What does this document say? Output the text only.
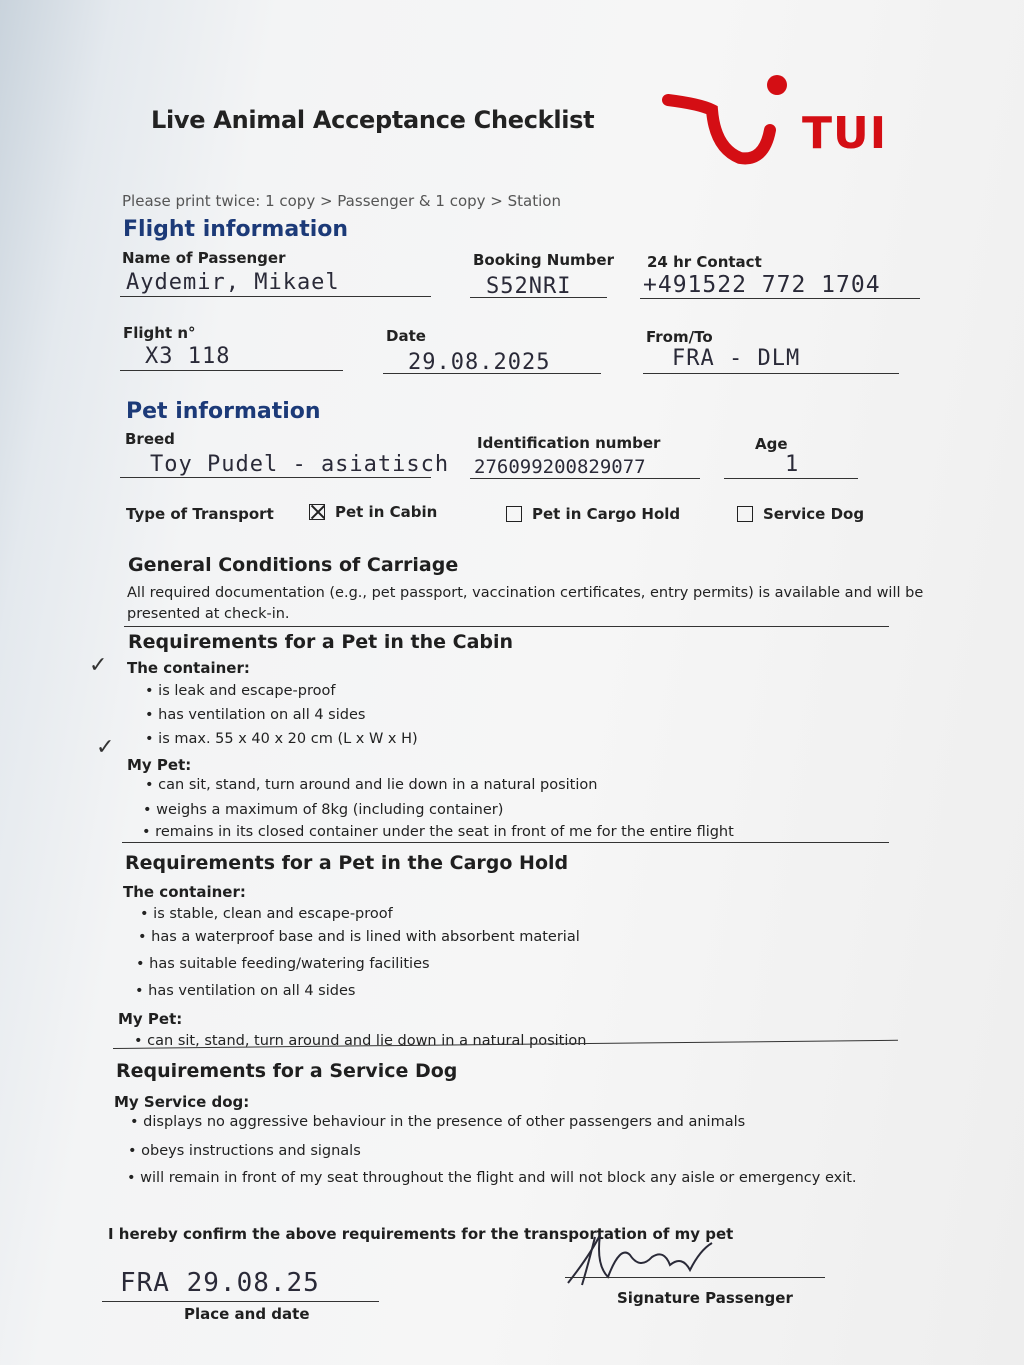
Live Animal Acceptance Checklist	TUI
Please print twice: 1 copy > Passenger & 1 copy > Station
Flight information
Name of Passenger
Aydemir, Mikael
Booking Number
S52NRI
24 hr Contact
+491522 772 1704
Flight n°
X3 118
Date
29.08.2025
From/To
FRA - DLM
Pet information
Breed
Toy Pudel - asiatisch
Identification number
276099200829077
Age
1
Type of Transport	Pet in Cabin	Pet in Cargo Hold	Service Dog
General Conditions of Carriage
All required documentation (e.g., pet passport, vaccination certificates, entry permits) is available and will be
presented at check-in.
Requirements for a Pet in the Cabin
✓ The container:
• is leak and escape-proof
• has ventilation on all 4 sides
✓
•	is max. 55 x 40 x 20 cm (L x W x H)
My Pet:
• can sit, stand, turn around and lie down in a natural position
• weighs a maximum of 8kg (including container)
• remains in its closed container under the seat in front of me for the entire flight
Requirements for a Pet in the Cargo Hold
The container:
• is stable, clean and escape-proof
• has a waterproof base and is lined with absorbent material
• has suitable feeding/watering facilities
• has ventilation on all 4 sides
My Pet:
• can sit, stand, turn around and lie down in a natural position
Requirements for a Service Dog
My Service dog:
• displays no aggressive behaviour in the presence of other passengers and animals
• obeys instructions and signals
• will remain in front of my seat throughout the flight and will not block any aisle or emergency exit.
I hereby confirm the above requirements for the transportation of my pet
FRA 29.08.25
Place and date
Signature Passenger
